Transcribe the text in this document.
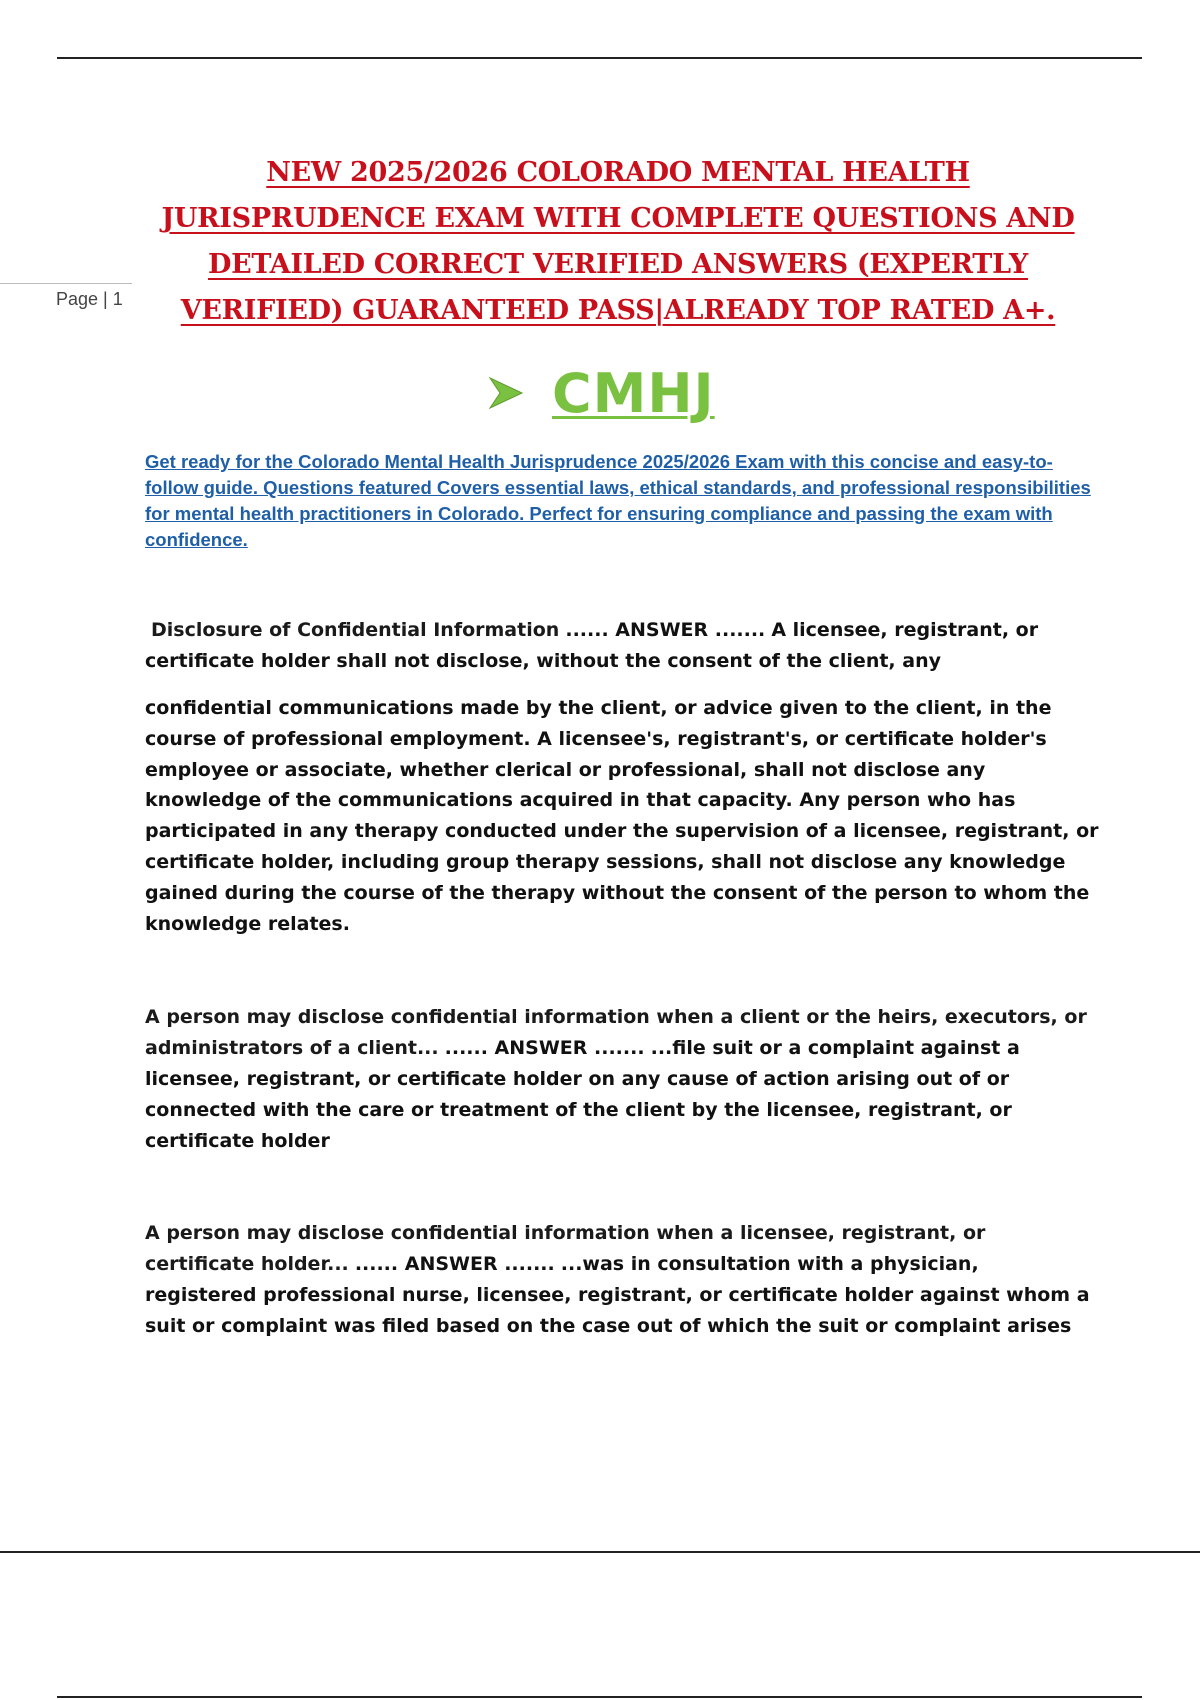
Page | 1
NEW 2025/2026 COLORADO MENTAL HEALTH JURISPRUDENCE EXAM WITH COMPLETE QUESTIONS AND DETAILED CORRECT VERIFIED ANSWERS (EXPERTLY VERIFIED) GUARANTEED PASS|ALREADY TOP RATED A+.
CMHJ

Get ready for the Colorado Mental Health Jurisprudence 2025/2026 Exam with this concise and easy-to-follow guide. Questions featured Covers essential laws, ethical standards, and professional responsibilities for mental health practitioners in Colorado. Perfect for ensuring compliance and passing the exam with confidence.

Disclosure of Confidential Information ...... ANSWER ....... A licensee, registrant, or certificate holder shall not disclose, without the consent of the client, any

confidential communications made by the client, or advice given to the client, in the course of professional employment. A licensee's, registrant's, or certificate holder's employee or associate, whether clerical or professional, shall not disclose any knowledge of the communications acquired in that capacity. Any person who has participated in any therapy conducted under the supervision of a licensee, registrant, or certificate holder, including group therapy sessions, shall not disclose any knowledge gained during the course of the therapy without the consent of the person to whom the knowledge relates.

A person may disclose confidential information when a client or the heirs, executors, or administrators of a client... ...... ANSWER ....... ...file suit or a complaint against a licensee, registrant, or certificate holder on any cause of action arising out of or connected with the care or treatment of the client by the licensee, registrant, or certificate holder

A person may disclose confidential information when a licensee, registrant, or certificate holder... ...... ANSWER ....... ...was in consultation with a physician, registered professional nurse, licensee, registrant, or certificate holder against whom a suit or complaint was filed based on the case out of which the suit or complaint arises
